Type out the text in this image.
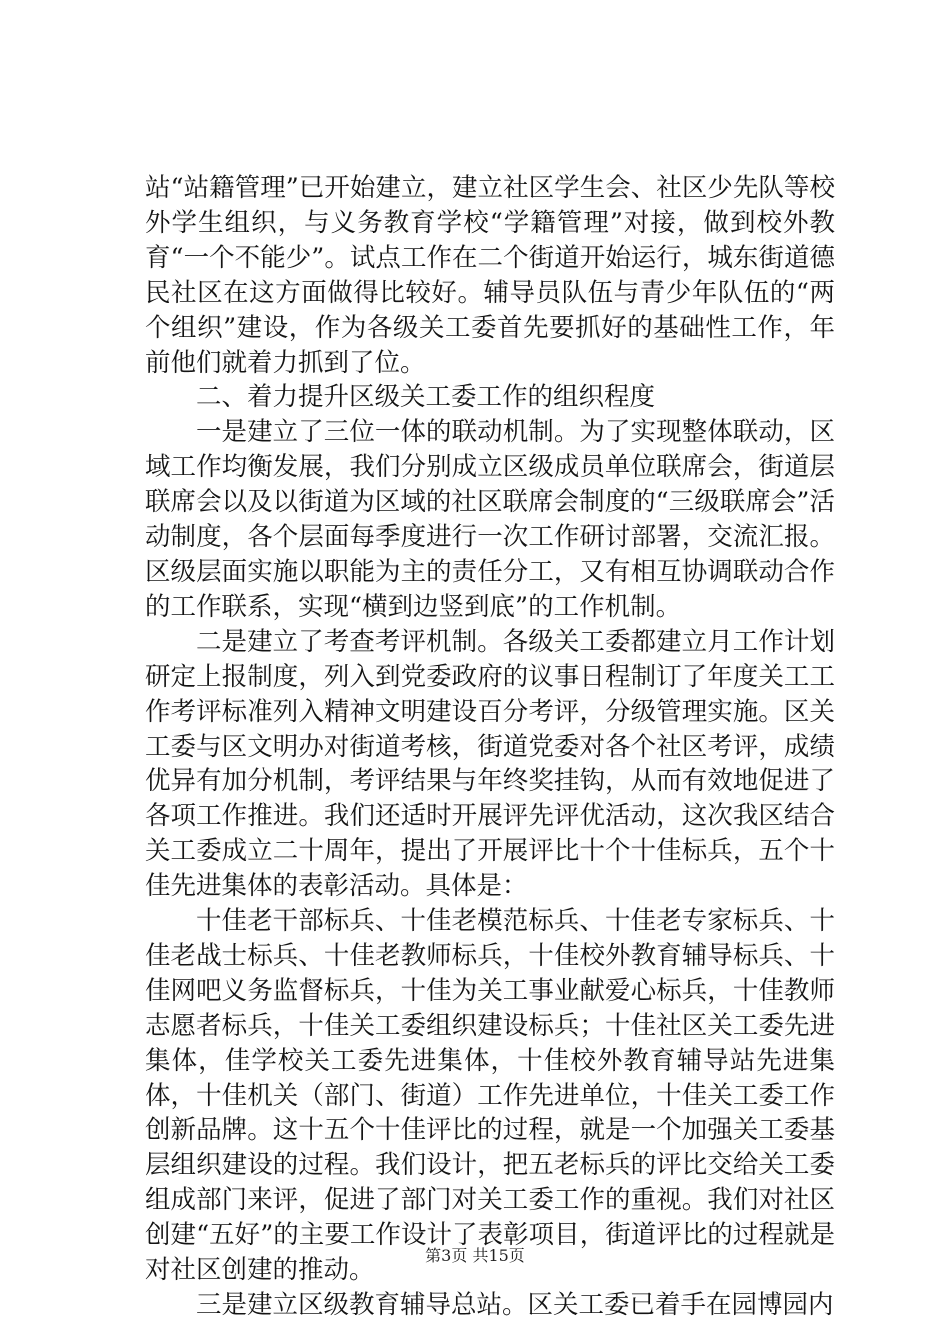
站“站籍管理”已开始建立，建立社区学生会、社区少先队等校外学生组织，与义务教育学校“学籍管理”对接，做到校外教育“一个不能少”。试点工作在二个街道开始运行，城东街道德民社区在这方面做得比较好。辅导员队伍与青少年队伍的“两个组织”建设，作为各级关工委首先要抓好的基础性工作，年前他们就着力抓到了位。

二、着力提升区级关工委工作的组织程度

一是建立了三位一体的联动机制。为了实现整体联动，区域工作均衡发展，我们分别成立区级成员单位联席会，街道层联席会以及以街道为区域的社区联席会制度的“三级联席会”活动制度，各个层面每季度进行一次工作研讨部署，交流汇报。区级层面实施以职能为主的责任分工，又有相互协调联动合作的工作联系，实现“横到边竖到底”的工作机制。

二是建立了考查考评机制。各级关工委都建立月工作计划研定上报制度，列入到党委政府的议事日程制订了年度关工工作考评标准列入精神文明建设百分考评，分级管理实施。区关工委与区文明办对街道考核，街道党委对各个社区考评，成绩优异有加分机制，考评结果与年终奖挂钩，从而有效地促进了各项工作推进。我们还适时开展评先评优活动，这次我区结合关工委成立二十周年，提出了开展评比十个十佳标兵，五个十佳先进集体的表彰活动。具体是：

十佳老干部标兵、十佳老模范标兵、十佳老专家标兵、十佳老战士标兵、十佳老教师标兵，十佳校外教育辅导标兵、十佳网吧义务监督标兵，十佳为关工事业献爱心标兵，十佳教师志愿者标兵，十佳关工委组织建设标兵；十佳社区关工委先进集体，佳学校关工委先进集体，十佳校外教育辅导站先进集体，十佳机关（部门、街道）工作先进单位，十佳关工委工作创新品牌。这十五个十佳评比的过程，就是一个加强关工委基层组织建设的过程。我们设计，把五老标兵的评比交给关工委组成部门来评，促进了部门对关工委工作的重视。我们对社区创建“五好”的主要工作设计了表彰项目，街道评比的过程就是对社区创建的推动。

三是建立区级教育辅导总站。区关工委已着手在园博园内

第3页 共15页
